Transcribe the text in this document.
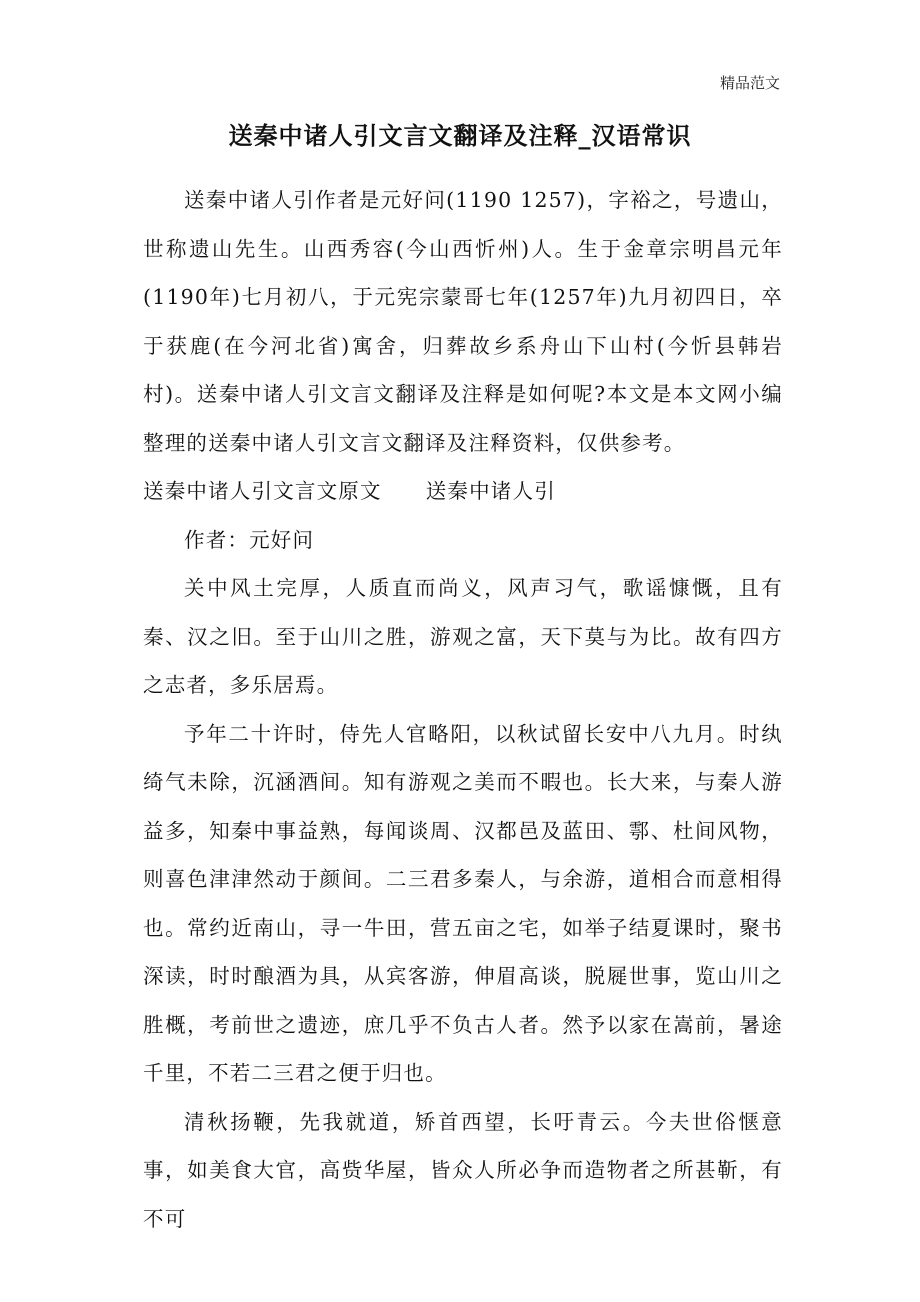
精品范文
送秦中诸人引文言文翻译及注释_汉语常识

送秦中诸人引作者是元好问(1190 1257)，字裕之，号遗山，世称遗山先生。山西秀容(今山西忻州)人。生于金章宗明昌元年(1190年)七月初八，于元宪宗蒙哥七年(1257年)九月初四日，卒于获鹿(在今河北省)寓舍，归葬故乡系舟山下山村(今忻县韩岩村)。送秦中诸人引文言文翻译及注释是如何呢?本文是本文网小编整理的送秦中诸人引文言文翻译及注释资料，仅供参考。

送秦中诸人引文言文原文 送秦中诸人引

作者：元好问

关中风土完厚，人质直而尚义，风声习气，歌谣慷慨，且有秦、汉之旧。至于山川之胜，游观之富，天下莫与为比。故有四方之志者，多乐居焉。

予年二十许时，侍先人官略阳，以秋试留长安中八九月。时纨绮气未除，沉涵酒间。知有游观之美而不暇也。长大来，与秦人游益多，知秦中事益熟，每闻谈周、汉都邑及蓝田、鄠、杜间风物，则喜色津津然动于颜间。二三君多秦人，与余游，道相合而意相得也。常约近南山，寻一牛田，营五亩之宅，如举子结夏课时，聚书深读，时时酿酒为具，从宾客游，伸眉高谈，脱屣世事，览山川之胜概，考前世之遗迹，庶几乎不负古人者。然予以家在嵩前，暑途千里，不若二三君之便于归也。

清秋扬鞭，先我就道，矫首西望，长吁青云。今夫世俗惬意事，如美食大官，高赀华屋，皆众人所必争而造物者之所甚靳，有不可
